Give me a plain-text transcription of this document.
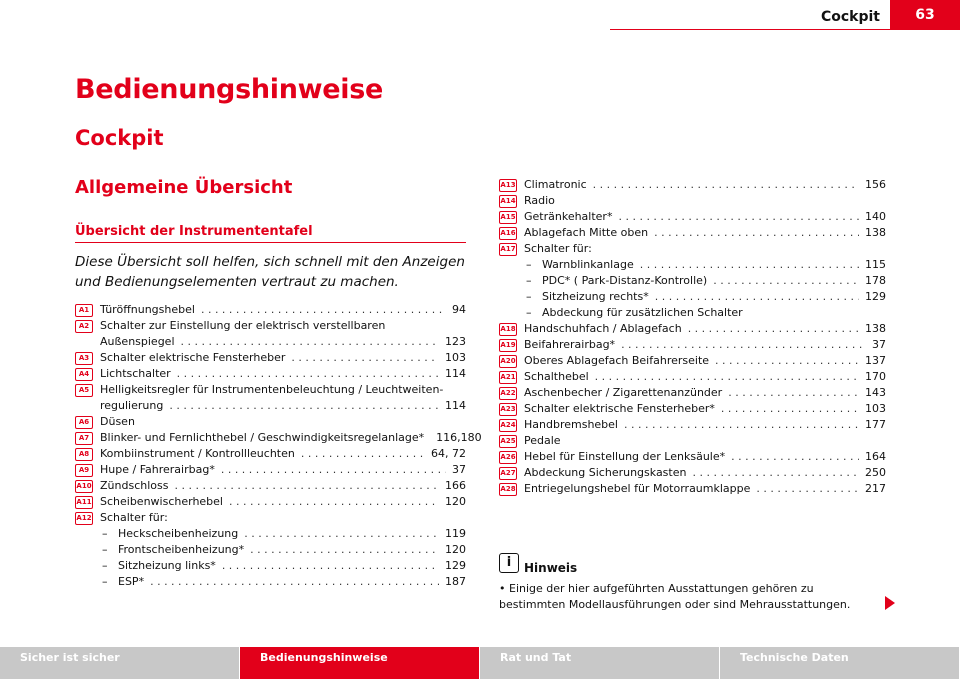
Cockpit	63
Bedienungshinweise
Cockpit
Allgemeine Übersicht
Übersicht der Instrumententafel
Diese Übersicht soll helfen, sich schnell mit den Anzeigen und Bedienungselementen vertraut zu machen.
A1 Türöffnungshebel . . .	94
A2 Schalter zur Einstellung der elektrisch verstellbaren
Außenspiegel . . .	123
A3 Schalter elektrische Fensterheber . . .	103
A4 Lichtschalter . . .	114
A5 Helligkeitsregler für Instrumentenbeleuchtung / Leuchtweiten-
regulierung . . .	114
A6 Düsen
A7 Blinker- und Fernlichthebel / Geschwindigkeitsregelanlage* 116,180
A8 Kombiinstrument / Kontrollleuchten . . .	64, 72
A9 Hupe / Fahrerairbag* . . .	37
A10 Zündschloss . . .	166
A11 Scheibenwischerhebel . . .	120
A12 Schalter für:
– Heckscheibenheizung . . .	119
– Frontscheibenheizung* . . .	120
– Sitzheizung links* . . .	129
– ESP* . . .	187
A13 Climatronic . . .	156
A14 Radio
A15 Getränkehalter* . . .	140
A16 Ablagefach Mitte oben . . .	138
A17 Schalter für:
– Warnblinkanlage . . .	115
– PDC* ( Park-Distanz-Kontrolle) . . .	178
– Sitzheizung rechts* . . .	129
– Abdeckung für zusätzlichen Schalter
A18 Handschuhfach / Ablagefach . . .	138
A19 Beifahrerairbag* . . .	37
A20 Oberes Ablagefach Beifahrerseite . . .	137
A21 Schalthebel . . .	170
A22 Aschenbecher / Zigarettenanzünder . . .	143
A23 Schalter elektrische Fensterheber* . . .	103
A24 Handbremshebel . . .	177
A25 Pedale
A26 Hebel für Einstellung der Lenksäule* . . .	164
A27 Abdeckung Sicherungskasten . . .	250
A28 Entriegelungshebel für Motorraumklappe . . .	217
i	Hinweis
• Einige der hier aufgeführten Ausstattungen gehören zu bestimmten Modellausführungen oder sind Mehrausstattungen.
Sicher ist sicher	Bedienungshinweise	Rat und Tat	Technische Daten
